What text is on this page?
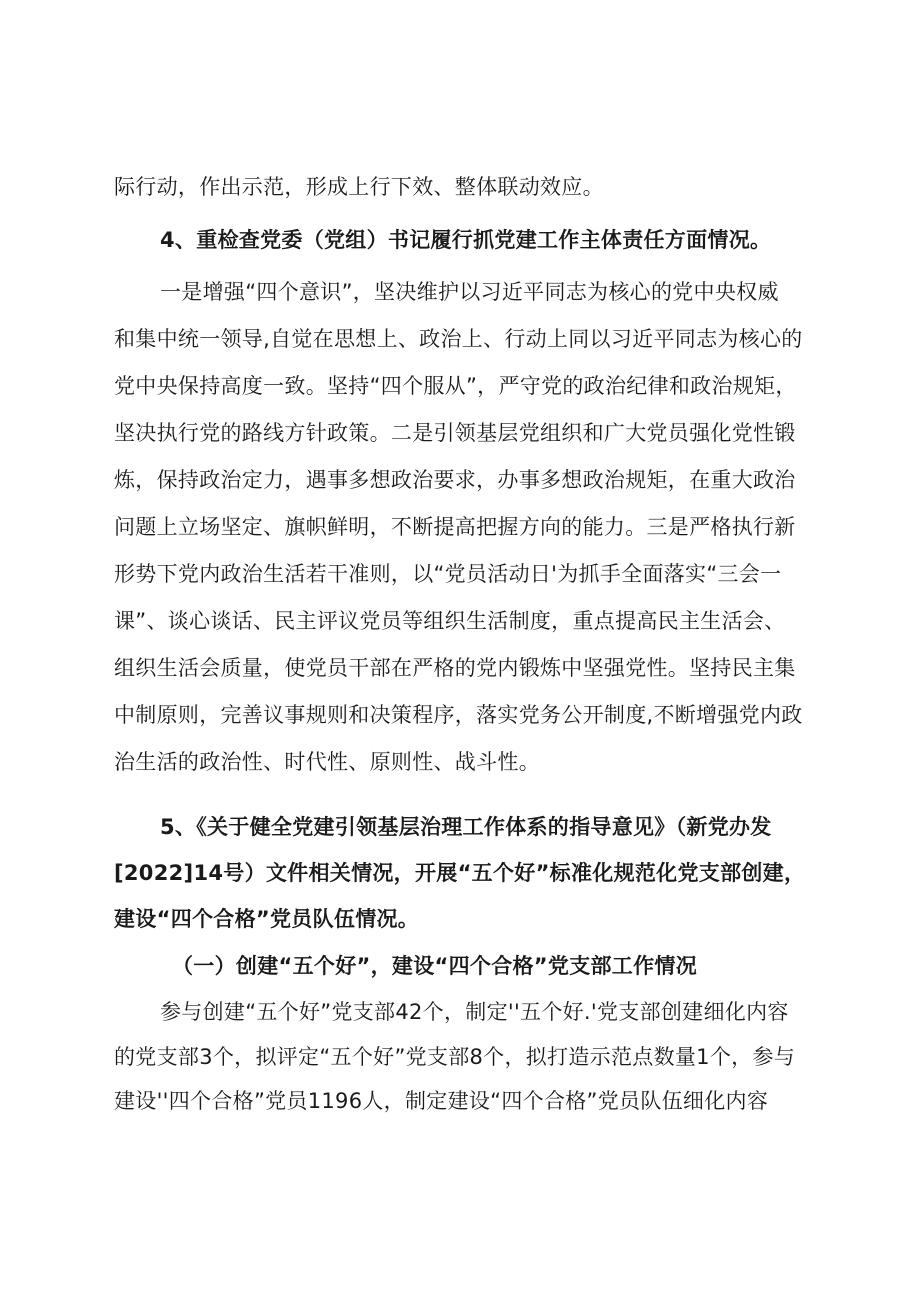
际行动，作出示范，形成上行下效、整体联动效应。

4、重检查党委（党组）书记履行抓党建工作主体责任方面情况。

一是增强“四个意识”，坚决维护以习近平同志为核心的党中央权威

和集中统一领导,自觉在思想上、政治上、行动上同以习近平同志为核心的

党中央保持高度一致。坚持“四个服从”，严守党的政治纪律和政治规矩，

坚决执行党的路线方针政策。二是引领基层党组织和广大党员强化党性锻

炼，保持政治定力，遇事多想政治要求，办事多想政治规矩，在重大政治

问题上立场坚定、旗帜鲜明，不断提高把握方向的能力。三是严格执行新

形势下党内政治生活若干准则，以“党员活动日'为抓手全面落实“三会一

课”、谈心谈话、民主评议党员等组织生活制度，重点提高民主生活会、

组织生活会质量，使党员干部在严格的党内锻炼中坚强党性。坚持民主集

中制原则，完善议事规则和决策程序，落实党务公开制度,不断增强党内政

治生活的政治性、时代性、原则性、战斗性。

5、《关于健全党建引领基层治理工作体系的指导意见》（新党办发

[2022]14号）文件相关情况，开展“五个好”标准化规范化党支部创建，

建设“四个合格”党员队伍情况。

（一）创建“五个好”，建设“四个合格”党支部工作情况

参与创建“五个好”党支部42个，制定''五个好.'党支部创建细化内容

的党支部3个，拟评定“五个好”党支部8个，拟打造示范点数量1个，参与

建设''四个合格”党员1196人，制定建设“四个合格”党员队伍细化内容
